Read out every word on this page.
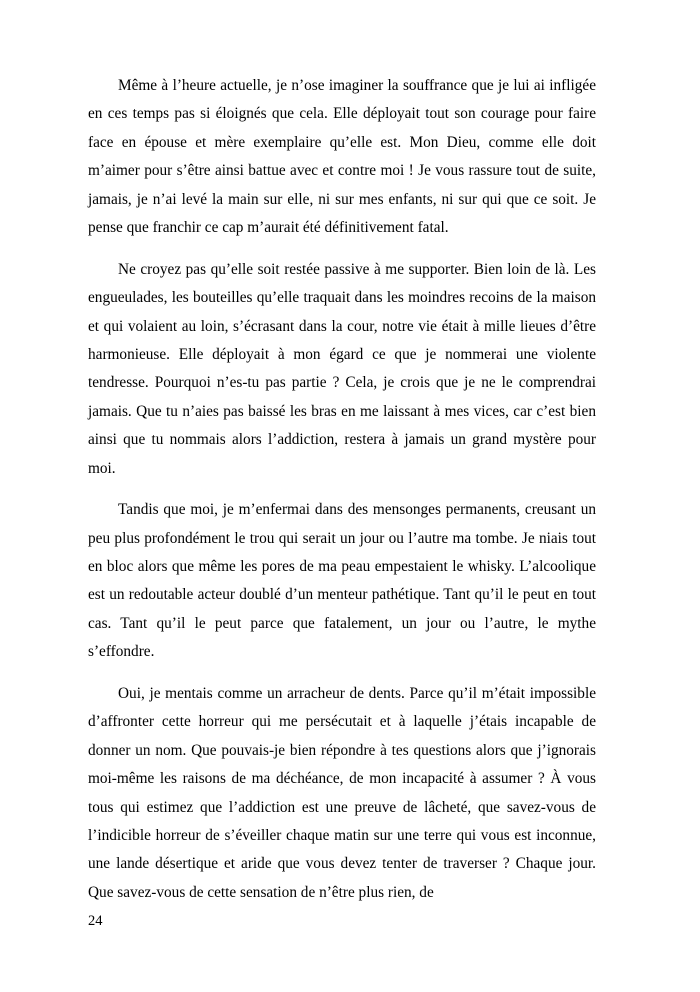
Même à l’heure actuelle, je n’ose imaginer la souffrance que je lui ai infligée en ces temps pas si éloignés que cela. Elle déployait tout son courage pour faire face en épouse et mère exemplaire qu’elle est. Mon Dieu, comme elle doit m’aimer pour s’être ainsi battue avec et contre moi ! Je vous rassure tout de suite, jamais, je n’ai levé la main sur elle, ni sur mes enfants, ni sur qui que ce soit. Je pense que franchir ce cap m’aurait été définitivement fatal.

Ne croyez pas qu’elle soit restée passive à me supporter. Bien loin de là. Les engueulades, les bouteilles qu’elle traquait dans les moindres recoins de la maison et qui volaient au loin, s’écrasant dans la cour, notre vie était à mille lieues d’être harmonieuse. Elle déployait à mon égard ce que je nommerai une violente tendresse. Pourquoi n’es-tu pas partie ? Cela, je crois que je ne le comprendrai jamais. Que tu n’aies pas baissé les bras en me laissant à mes vices, car c’est bien ainsi que tu nommais alors l’addiction, restera à jamais un grand mystère pour moi.

Tandis que moi, je m’enfermai dans des mensonges permanents, creusant un peu plus profondément le trou qui serait un jour ou l’autre ma tombe. Je niais tout en bloc alors que même les pores de ma peau empestaient le whisky. L’alcoolique est un redoutable acteur doublé d’un menteur pathétique. Tant qu’il le peut en tout cas. Tant qu’il le peut parce que fatalement, un jour ou l’autre, le mythe s’effondre.

Oui, je mentais comme un arracheur de dents. Parce qu’il m’était impossible d’affronter cette horreur qui me persécutait et à laquelle j’étais incapable de donner un nom. Que pouvais-je bien répondre à tes questions alors que j’ignorais moi-même les raisons de ma déchéance, de mon incapacité à assumer ? À vous tous qui estimez que l’addiction est une preuve de lâcheté, que savez-vous de l’indicible horreur de s’éveiller chaque matin sur une terre qui vous est inconnue, une lande désertique et aride que vous devez tenter de traverser ? Chaque jour. Que savez-vous de cette sensation de n’être plus rien, de

24
